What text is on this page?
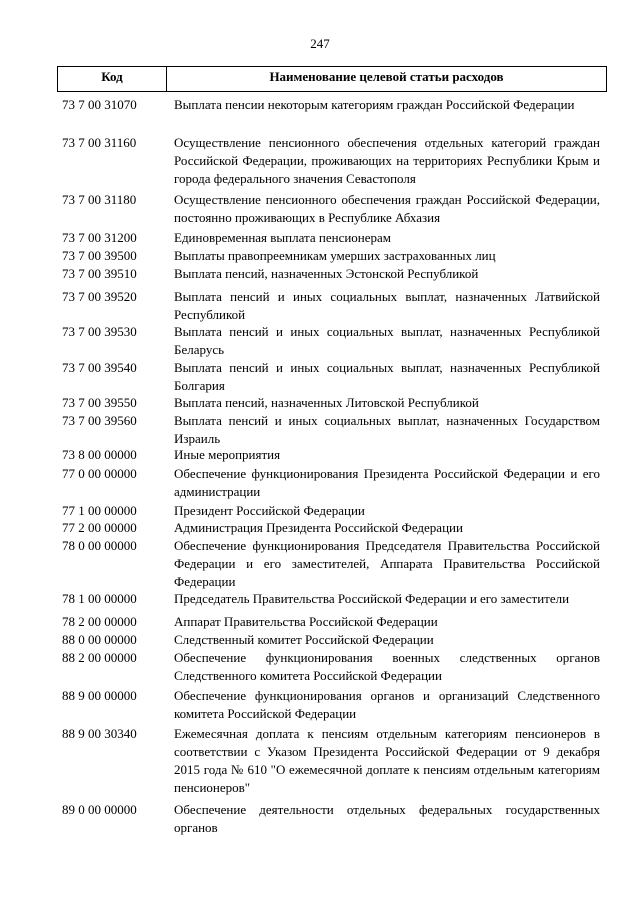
247
Код	Наименование целевой статьи расходов
73 7 00 31070	Выплата пенсии некоторым категориям граждан Российской Федерации
73 7 00 31160	Осуществление пенсионного обеспечения отдельных категорий граждан Российской Федерации, проживающих на территориях Республики Крым и города федерального значения Севастополя
73 7 00 31180	Осуществление пенсионного обеспечения граждан Российской Федерации, постоянно проживающих в Республике Абхазия
73 7 00 31200	Единовременная выплата пенсионерам
73 7 00 39500	Выплаты правопреемникам умерших застрахованных лиц
73 7 00 39510	Выплата пенсий, назначенных Эстонской Республикой
73 7 00 39520	Выплата пенсий и иных социальных выплат, назначенных Латвийской Республикой
73 7 00 39530	Выплата пенсий и иных социальных выплат, назначенных Республикой Беларусь
73 7 00 39540	Выплата пенсий и иных социальных выплат, назначенных Республикой Болгария
73 7 00 39550	Выплата пенсий, назначенных Литовской Республикой
73 7 00 39560	Выплата пенсий и иных социальных выплат, назначенных Государством Израиль
73 8 00 00000	Иные мероприятия
77 0 00 00000	Обеспечение функционирования Президента Российской Федерации и его администрации
77 1 00 00000	Президент Российской Федерации
77 2 00 00000	Администрация Президента Российской Федерации
78 0 00 00000	Обеспечение функционирования Председателя Правительства Российской Федерации и его заместителей, Аппарата Правительства Российской Федерации
78 1 00 00000	Председатель Правительства Российской Федерации и его заместители
78 2 00 00000	Аппарат Правительства Российской Федерации
88 0 00 00000	Следственный комитет Российской Федерации
88 2 00 00000	Обеспечение функционирования военных следственных органов Следственного комитета Российской Федерации
88 9 00 00000	Обеспечение функционирования органов и организаций Следственного комитета Российской Федерации
88 9 00 30340	Ежемесячная доплата к пенсиям отдельным категориям пенсионеров в соответствии с Указом Президента Российской Федерации от 9 декабря 2015 года № 610 "О ежемесячной доплате к пенсиям отдельным категориям пенсионеров"
89 0 00 00000	Обеспечение деятельности отдельных федеральных государственных органов
